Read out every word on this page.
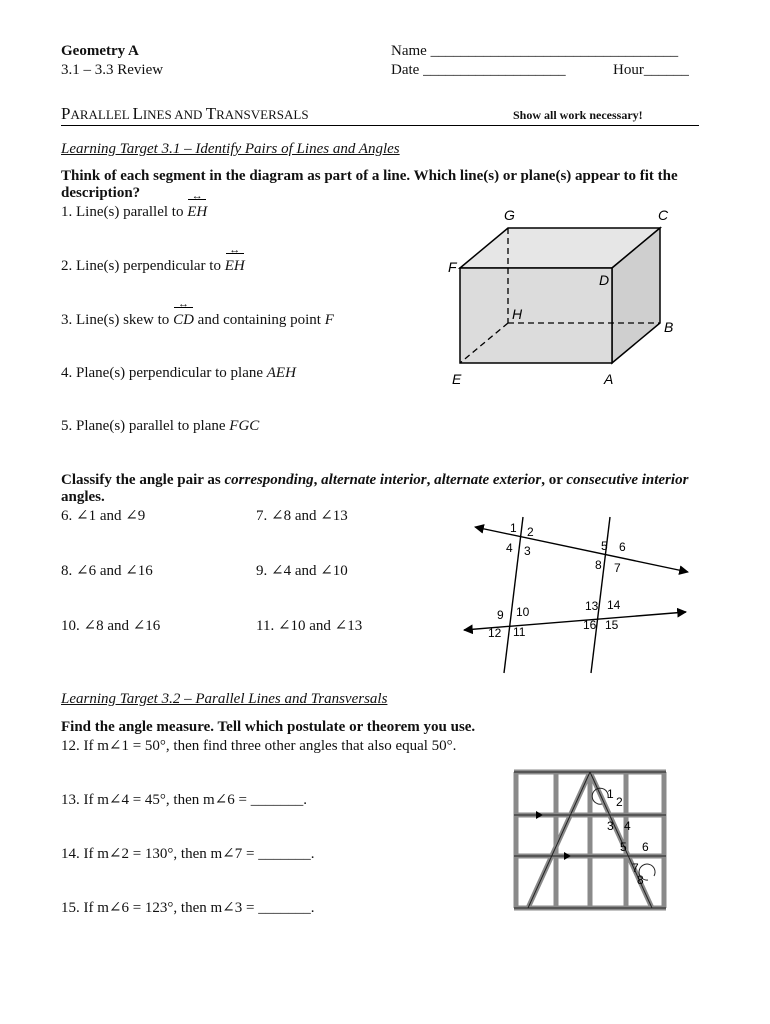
Geometry A
3.1 – 3.3 Review
Name _________________________________
Date ___________________	Hour______
PARALLEL LINES AND TRANSVERSALS	Show all work necessary!
Learning Target 3.1 – Identify Pairs of Lines and Angles
Think of each segment in the diagram as part of a line. Which line(s) or plane(s) appear to fit the
description?
1. Line(s) parallel to EH ↔
2. Line(s) perpendicular to EH ↔
3. Line(s) skew to CD ↔ and containing point F
4. Plane(s) perpendicular to plane AEH
5. Plane(s) parallel to plane FGC
G	C
F
D
H
B
E	A
Classify the angle pair as corresponding, alternate interior, alternate exterior, or consecutive interior
angles.
6. ∠1 and ∠9	7. ∠8 and ∠13
8. ∠6 and ∠16	9. ∠4 and ∠10
10. ∠8 and ∠16	11. ∠10 and ∠13
1 2
4 3	5 6
8 7
9 10
12 11
13 14
16 15
Learning Target 3.2 – Parallel Lines and Transversals
Find the angle measure. Tell which postulate or theorem you use.
12. If m∠1 = 50°, then find three other angles that also equal 50°.
13. If m∠4 = 45°, then m∠6 = _______.
14. If m∠2 = 130°, then m∠7 = _______.
15. If m∠6 = 123°, then m∠3 = _______.
1
2
3 4
5 6
7
8
